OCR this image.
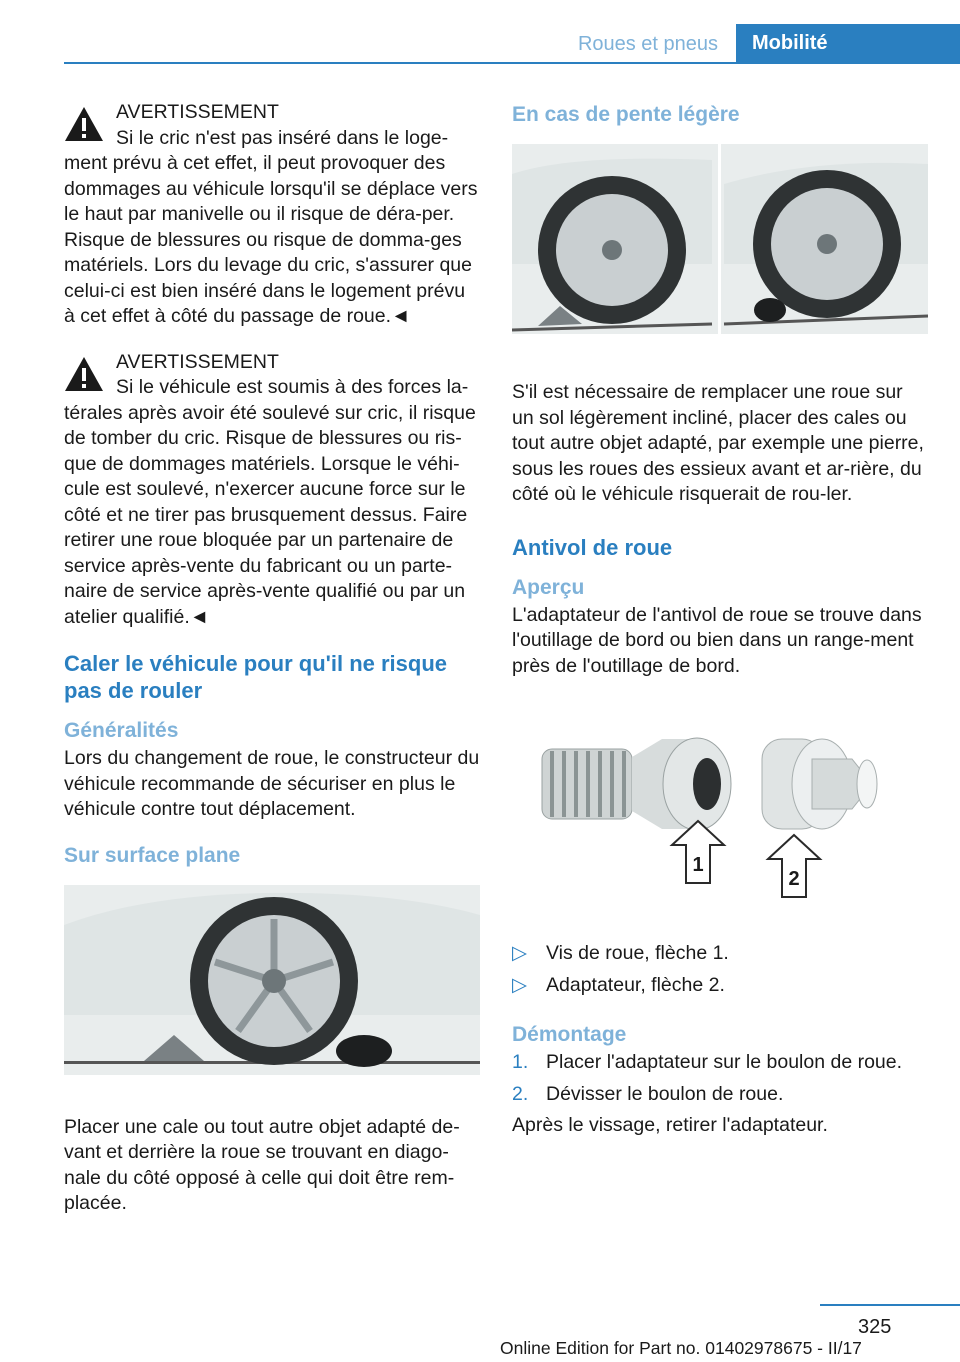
Roues et pneus	Mobilité
AVERTISSEMENT
Si le cric n'est pas inséré dans le loge‐
ment prévu à cet effet, il peut provoquer des dommages au véhicule lorsqu'il se déplace vers le haut par manivelle ou il risque de déra‐per. Risque de blessures ou risque de domma‐ges matériels. Lors du levage du cric, s'assurer que celui-ci est bien inséré dans le logement prévu à cet effet à côté du passage de roue.◄
AVERTISSEMENT
Si le véhicule est soumis à des forces la‐
térales après avoir été soulevé sur cric, il risque de tomber du cric. Risque de blessures ou ris‐que de dommages matériels. Lorsque le véhi‐cule est soulevé, n'exercer aucune force sur le côté et ne tirer pas brusquement dessus. Faire retirer une roue bloquée par un partenaire de service après-vente du fabricant ou un parte‐naire de service après-vente qualifié ou par un atelier qualifié.◄
Caler le véhicule pour qu'il ne risque pas de rouler
Généralités

Lors du changement de roue, le constructeur du véhicule recommande de sécuriser en plus le véhicule contre tout déplacement.

Sur surface plane

Placer une cale ou tout autre objet adapté de‐vant et derrière la roue se trouvant en diago‐nale du côté opposé à celle qui doit être rem‐placée.

En cas de pente légère

S'il est nécessaire de remplacer une roue sur un sol légèrement incliné, placer des cales ou tout autre objet adapté, par exemple une pierre, sous les roues des essieux avant et ar‐rière, du côté où le véhicule risquerait de rou‐ler.

Antivol de roue
Aperçu

L'adaptateur de l'antivol de roue se trouve dans l'outillage de bord ou bien dans un range‐ment près de l'outillage de bord.

1
2
▷ Vis de roue, flèche 1.
▷ Adaptateur, flèche 2.
Démontage
1. Placer l'adaptateur sur le boulon de roue.
2. Dévisser le boulon de roue.

Après le vissage, retirer l'adaptateur.

325
Online Edition for Part no. 01402978675 - II/17
